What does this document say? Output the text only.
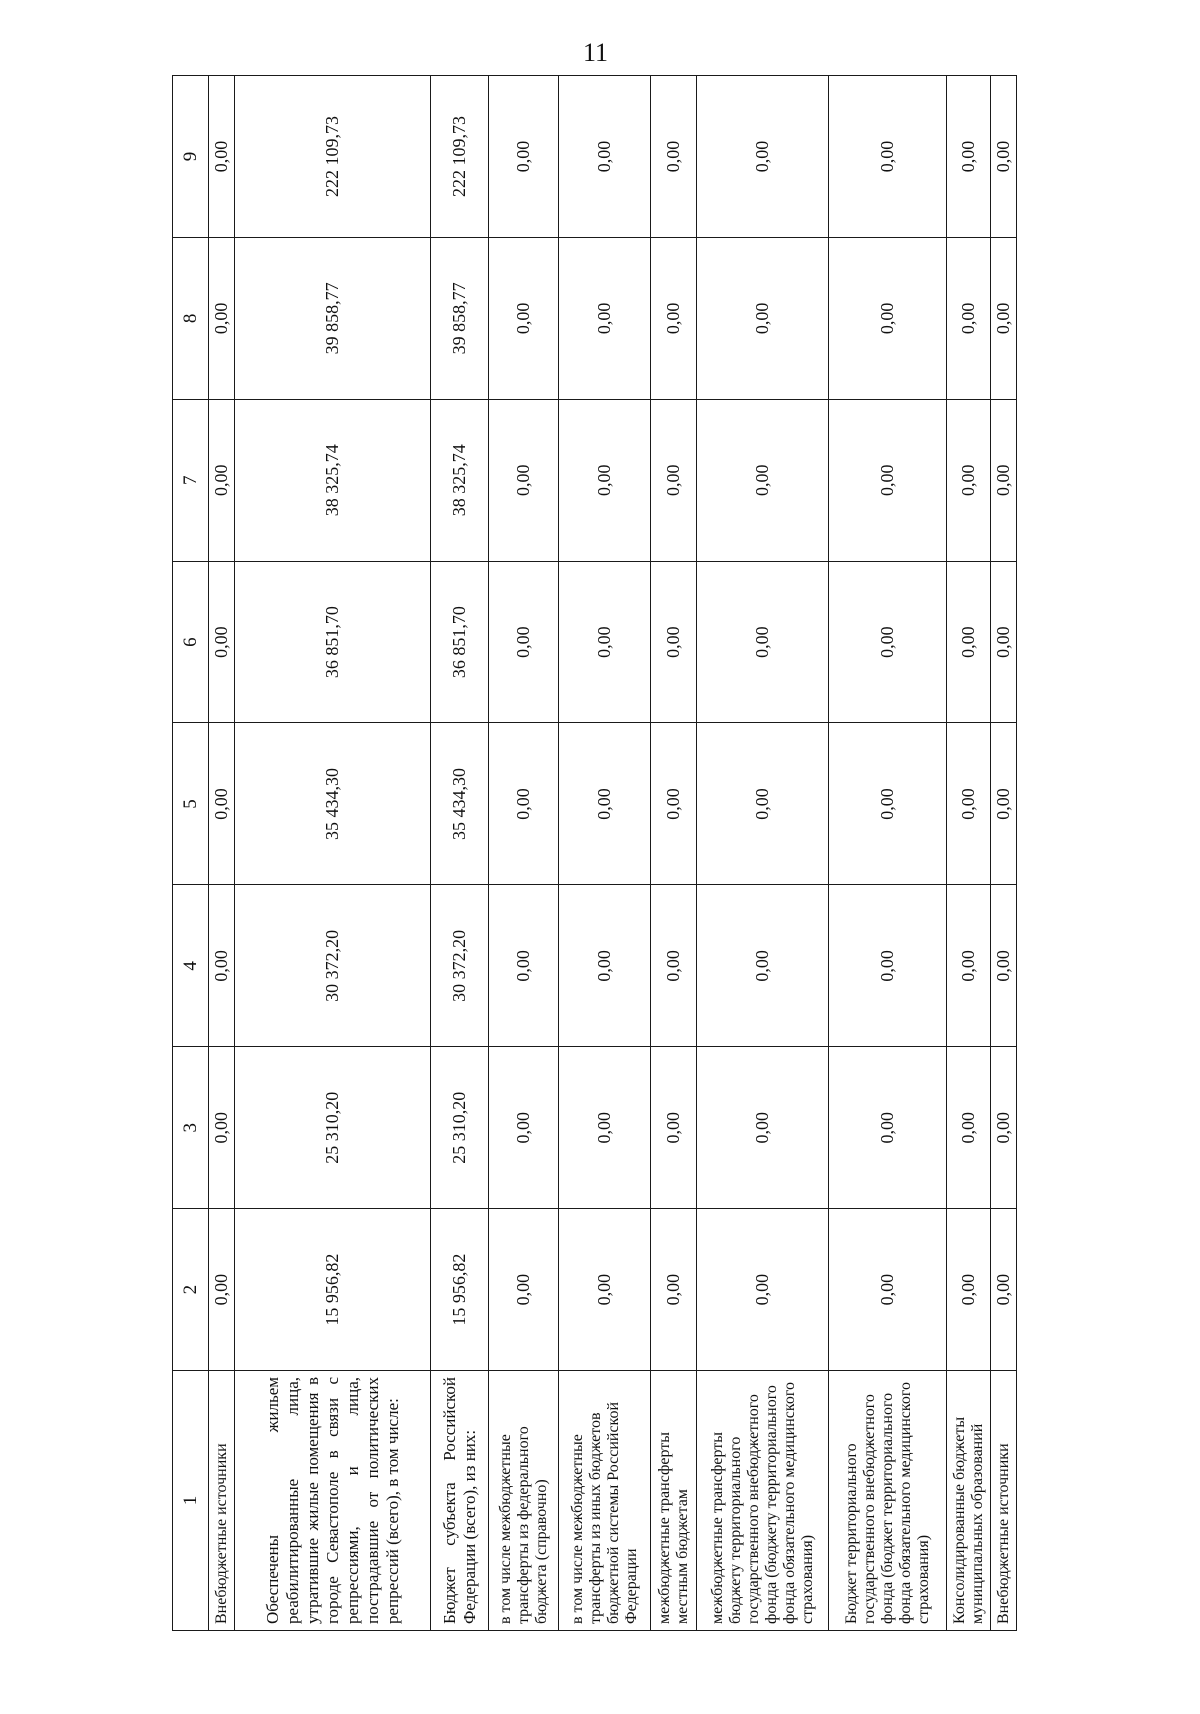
11
1	2	3	4	5	6	7	8	9
Внебюджетные источники	0,00	0,00	0,00	0,00	0,00	0,00	0,00	0,00
Обеспечены жильем реабилитированные лица, утратившие жилые помещения в городе Севастополе в связи с репрессиями, и лица, пострадавшие от политических репрессий (всего), в том числе:	15 956,82	25 310,20	30 372,20	35 434,30	36 851,70	38 325,74	39 858,77	222 109,73
Бюджет субъекта Российской Федерации (всего), из них:	15 956,82	25 310,20	30 372,20	35 434,30	36 851,70	38 325,74	39 858,77	222 109,73
в том числе межбюджетные трансферты из федерального бюджета (справочно)	0,00	0,00	0,00	0,00	0,00	0,00	0,00	0,00
в том числе межбюджетные трансферты из иных бюджетов бюджетной системы Российской Федерации	0,00	0,00	0,00	0,00	0,00	0,00	0,00	0,00
межбюджетные трансферты местным бюджетам	0,00	0,00	0,00	0,00	0,00	0,00	0,00	0,00
межбюджетные трансферты бюджету территориального государственного внебюджетного фонда (бюджету территориального фонда обязательного медицинского страхования)	0,00	0,00	0,00	0,00	0,00	0,00	0,00	0,00
Бюджет территориального государственного внебюджетного фонда (бюджет территориального фонда обязательного медицинского страхования)	0,00	0,00	0,00	0,00	0,00	0,00	0,00	0,00
Консолидированные бюджеты муниципальных образований	0,00	0,00	0,00	0,00	0,00	0,00	0,00	0,00
Внебюджетные источники	0,00	0,00	0,00	0,00	0,00	0,00	0,00	0,00
